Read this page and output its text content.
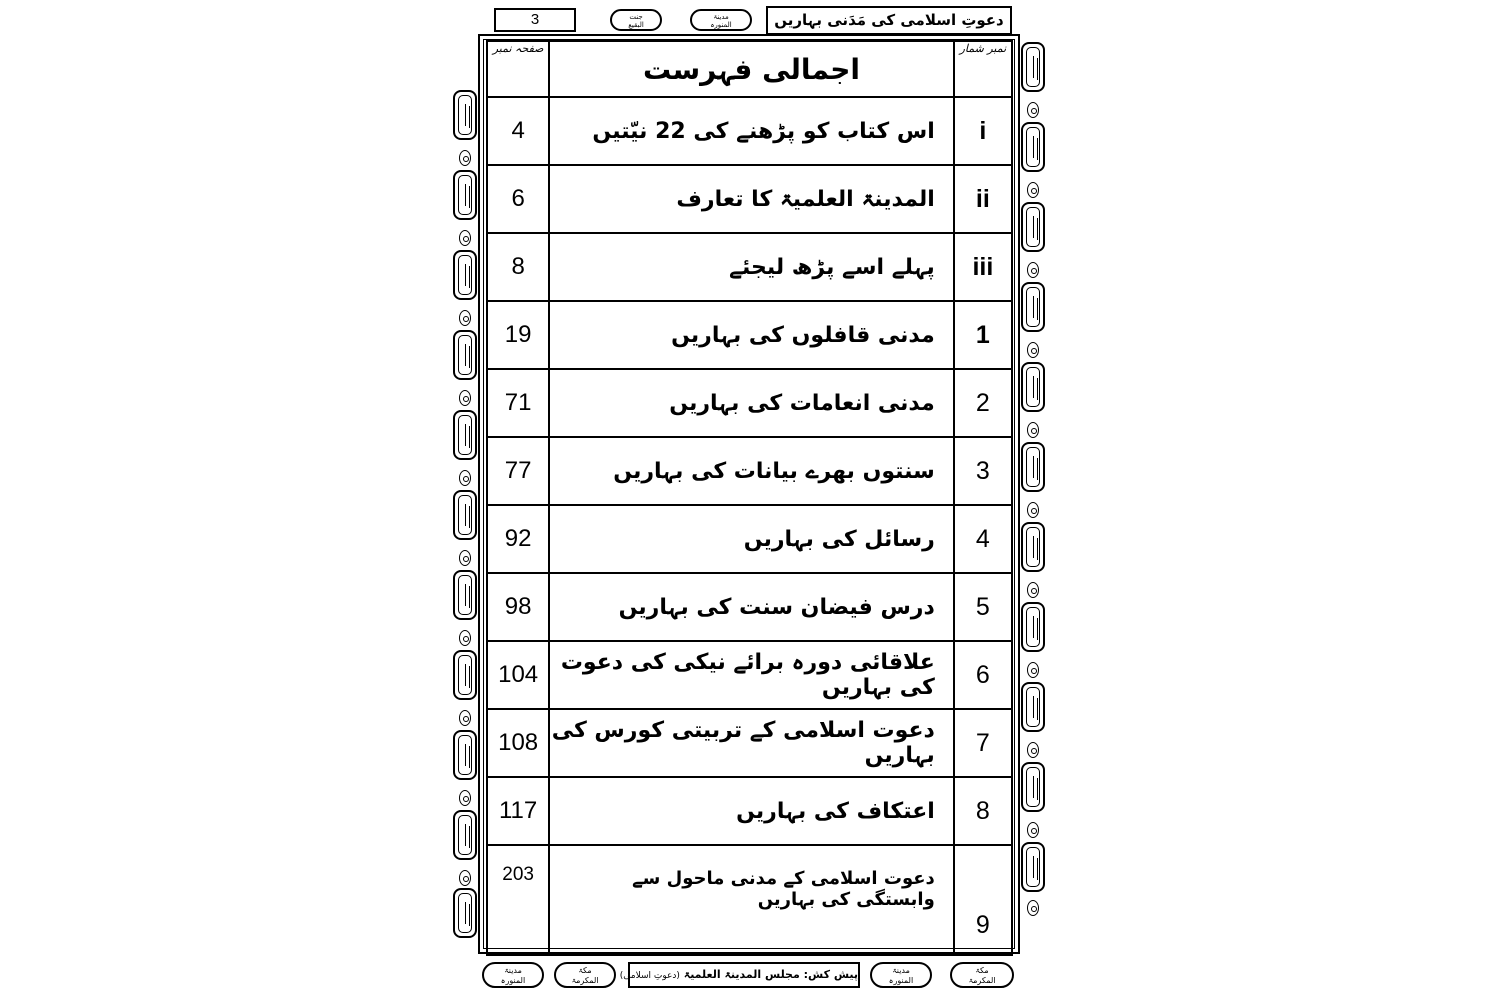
3	جنت
البقیع
مدینۃ
المنورہ	دعوتِ اسلامی کی مَدَنی بہاریں
صفحہ نمبر	اجمالی فہرست	نمبر شمار
4	اس کتاب کو پڑھنے کی 22 نیّتیں	i
6	المدینۃ العلمیۃ کا تعارف	ii
8	پہلے اسے پڑھ لیجئے	iii
19	مدنی قافلوں کی بہاریں	1
71	مدنی انعامات کی بہاریں	2
77	سنتوں بھرے بیانات کی بہاریں	3
92	رسائل کی بہاریں	4
98	درس فیضان سنت کی بہاریں	5
104	علاقائی دورہ برائے نیکی کی دعوت کی بہاریں	6
108	دعوت اسلامی کے تربیتی کورس کی بہاریں	7
117	اعتکاف کی بہاریں	8
203	دعوت اسلامی کے مدنی ماحول سے وابستگی کی بہاریں	9
مدینۃ
المنورہ
مکۃ
المکرمۃ	پیش کش: مجلس المدینۃ العلمیۃ (دعوتِ اسلامی)
مدینۃ
المنورہ
مکۃ
المکرمۃ
